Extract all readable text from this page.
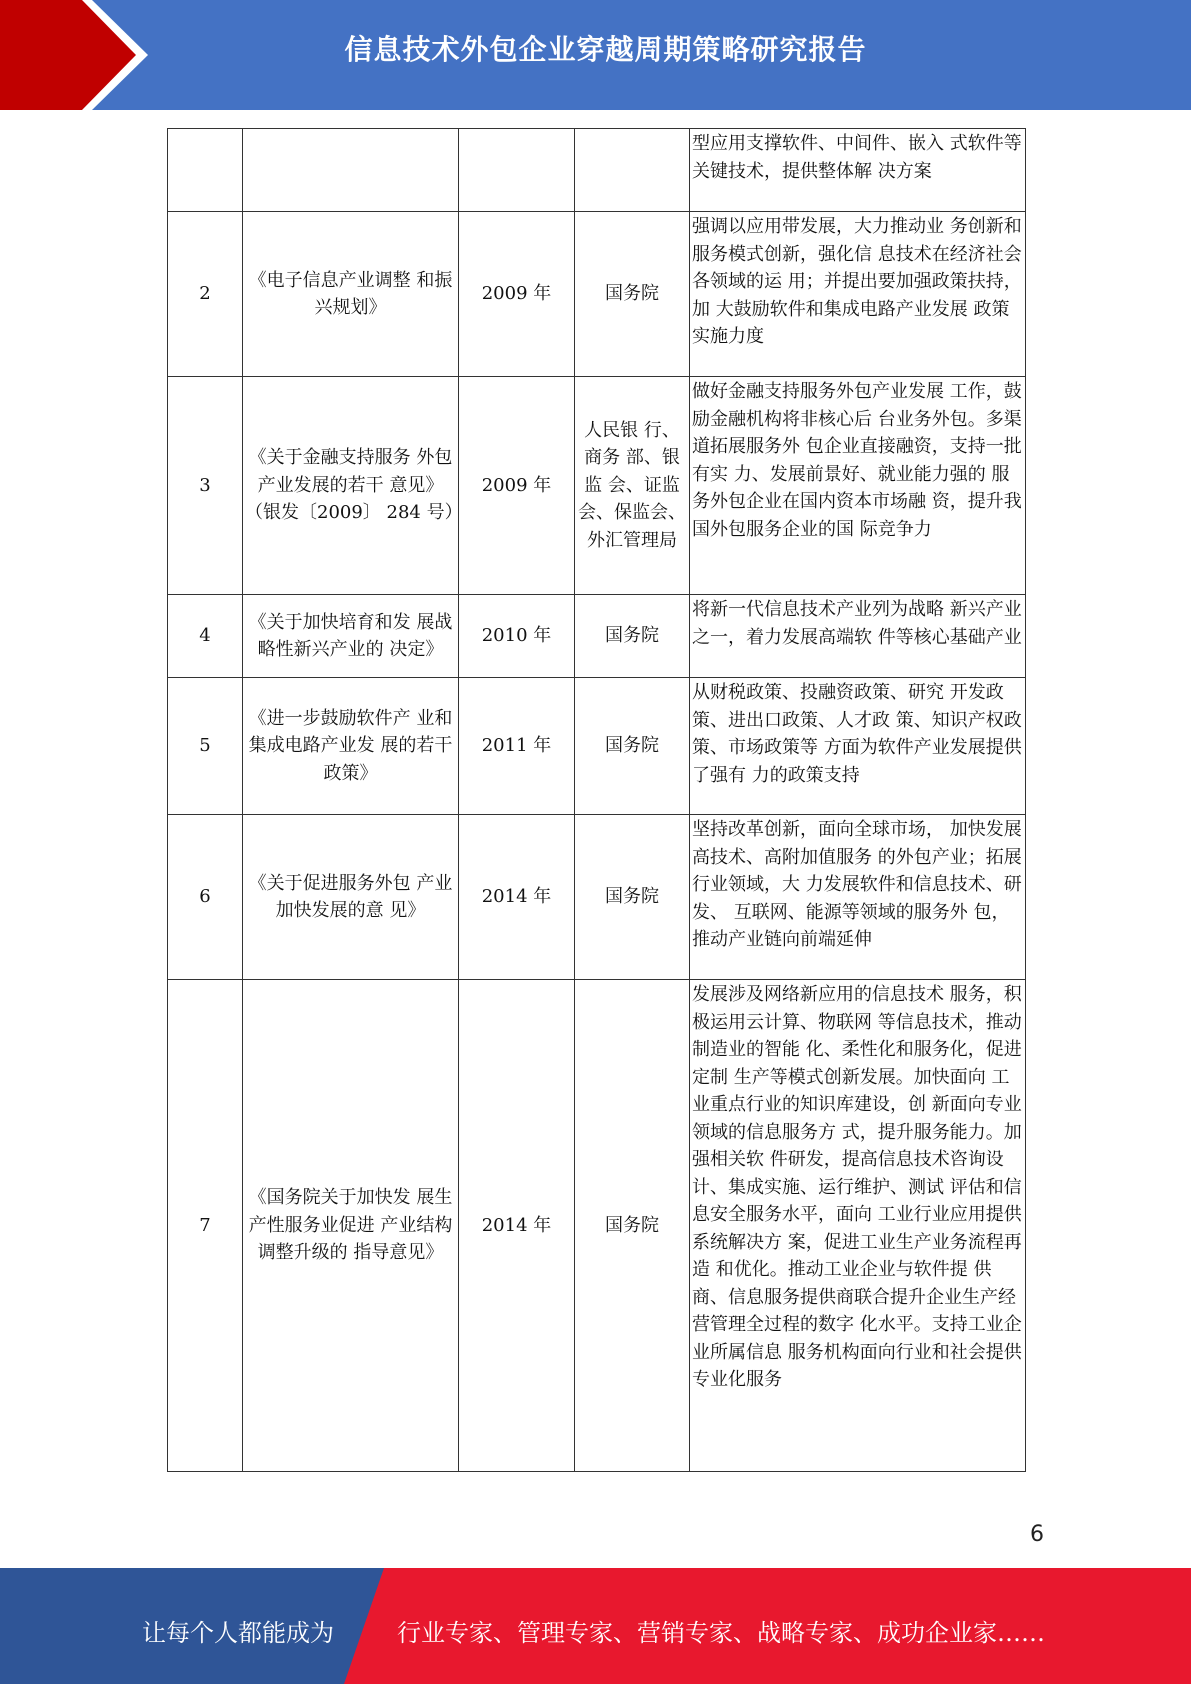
信息技术外包企业穿越周期策略研究报告
				型应用支撑软件、中间件、嵌入 式软件等关键技术，提供整体解 决方案
2	《电子信息产业调整 和振兴规划》	2009 年	国务院	强调以应用带发展，大力推动业 务创新和服务模式创新，强化信 息技术在经济社会各领域的运 用；并提出要加强政策扶持，加 大鼓励软件和集成电路产业发展 政策实施力度
3	《关于金融支持服务 外包产业发展的若干 意见》（银发〔2009〕 284 号）	2009 年	人民银 行、商务 部、银监 会、证监会、保监会、外汇管理局	做好金融支持服务外包产业发展 工作，鼓励金融机构将非核心后 台业务外包。多渠道拓展服务外 包企业直接融资，支持一批有实 力、发展前景好、就业能力强的 服务外包企业在国内资本市场融 资，提升我国外包服务企业的国 际竞争力
4	《关于加快培育和发 展战略性新兴产业的 决定》	2010 年	国务院	将新一代信息技术产业列为战略 新兴产业之一，着力发展高端软 件等核心基础产业
5	《进一步鼓励软件产 业和集成电路产业发 展的若干政策》	2011 年	国务院	从财税政策、投融资政策、研究 开发政策、进出口政策、人才政 策、知识产权政策、市场政策等 方面为软件产业发展提供了强有 力的政策支持
6	《关于促进服务外包 产业加快发展的意 见》	2014 年	国务院	坚持改革创新，面向全球市场， 加快发展高技术、高附加值服务 的外包产业；拓展行业领域，大 力发展软件和信息技术、研发、 互联网、能源等领域的服务外 包，推动产业链向前端延伸
7	《国务院关于加快发 展生产性服务业促进 产业结构调整升级的 指导意见》	2014 年	国务院	发展涉及网络新应用的信息技术 服务，积极运用云计算、物联网 等信息技术，推动制造业的智能 化、柔性化和服务化，促进定制 生产等模式创新发展。加快面向 工业重点行业的知识库建设，创 新面向专业领域的信息服务方 式，提升服务能力。加强相关软 件研发，提高信息技术咨询设 计、集成实施、运行维护、测试 评估和信息安全服务水平，面向 工业行业应用提供系统解决方 案，促进工业生产业务流程再造 和优化。推动工业企业与软件提 供商、信息服务提供商联合提升企业生产经营管理全过程的数字 化水平。支持工业企业所属信息 服务机构面向行业和社会提供专业化服务
6
让每个人都能成为	行业专家、管理专家、营销专家、战略专家、成功企业家……
